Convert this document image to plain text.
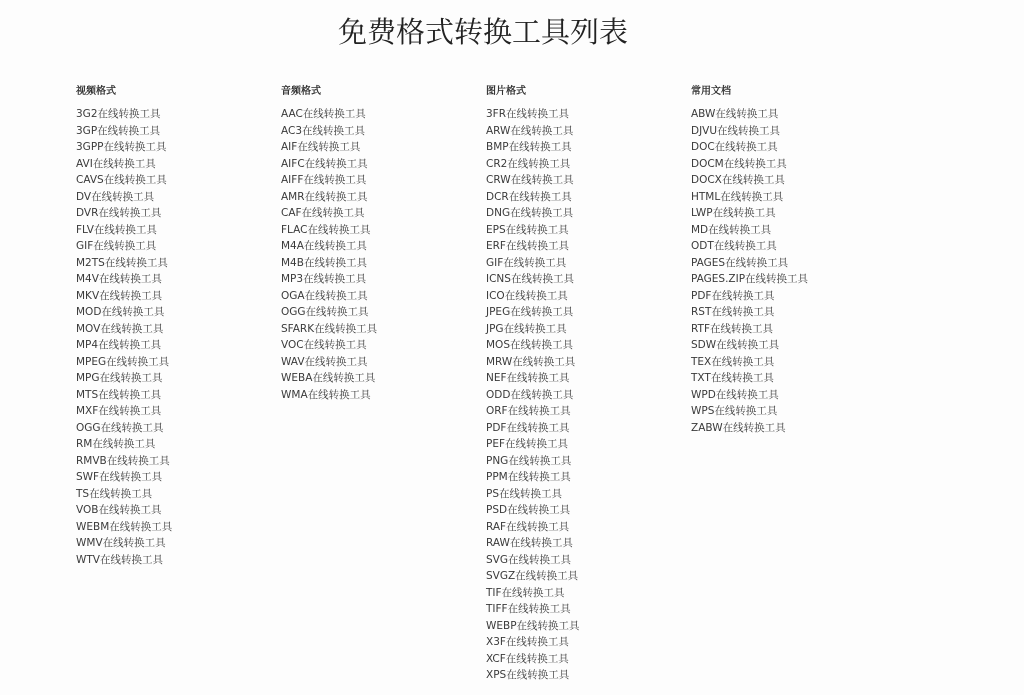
免费格式转换工具列表
视频格式
3G2在线转换工具
3GP在线转换工具
3GPP在线转换工具
AVI在线转换工具
CAVS在线转换工具
DV在线转换工具
DVR在线转换工具
FLV在线转换工具
GIF在线转换工具
M2TS在线转换工具
M4V在线转换工具
MKV在线转换工具
MOD在线转换工具
MOV在线转换工具
MP4在线转换工具
MPEG在线转换工具
MPG在线转换工具
MTS在线转换工具
MXF在线转换工具
OGG在线转换工具
RM在线转换工具
RMVB在线转换工具
SWF在线转换工具
TS在线转换工具
VOB在线转换工具
WEBM在线转换工具
WMV在线转换工具
WTV在线转换工具
音频格式
AAC在线转换工具
AC3在线转换工具
AIF在线转换工具
AIFC在线转换工具
AIFF在线转换工具
AMR在线转换工具
CAF在线转换工具
FLAC在线转换工具
M4A在线转换工具
M4B在线转换工具
MP3在线转换工具
OGA在线转换工具
OGG在线转换工具
SFARK在线转换工具
VOC在线转换工具
WAV在线转换工具
WEBA在线转换工具
WMA在线转换工具
图片格式
3FR在线转换工具
ARW在线转换工具
BMP在线转换工具
CR2在线转换工具
CRW在线转换工具
DCR在线转换工具
DNG在线转换工具
EPS在线转换工具
ERF在线转换工具
GIF在线转换工具
ICNS在线转换工具
ICO在线转换工具
JPEG在线转换工具
JPG在线转换工具
MOS在线转换工具
MRW在线转换工具
NEF在线转换工具
ODD在线转换工具
ORF在线转换工具
PDF在线转换工具
PEF在线转换工具
PNG在线转换工具
PPM在线转换工具
PS在线转换工具
PSD在线转换工具
RAF在线转换工具
RAW在线转换工具
SVG在线转换工具
SVGZ在线转换工具
TIF在线转换工具
TIFF在线转换工具
WEBP在线转换工具
X3F在线转换工具
XCF在线转换工具
XPS在线转换工具
常用文档
ABW在线转换工具
DJVU在线转换工具
DOC在线转换工具
DOCM在线转换工具
DOCX在线转换工具
HTML在线转换工具
LWP在线转换工具
MD在线转换工具
ODT在线转换工具
PAGES在线转换工具
PAGES.ZIP在线转换工具
PDF在线转换工具
RST在线转换工具
RTF在线转换工具
SDW在线转换工具
TEX在线转换工具
TXT在线转换工具
WPD在线转换工具
WPS在线转换工具
ZABW在线转换工具
